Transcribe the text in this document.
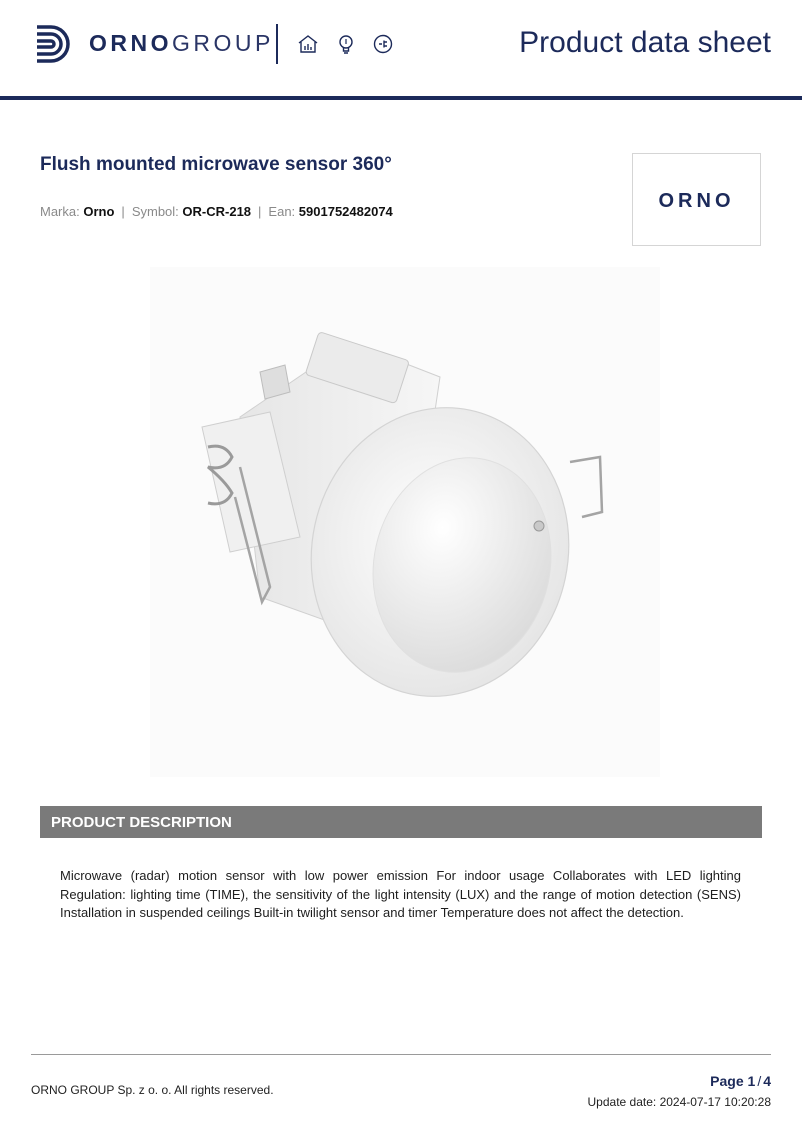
ORNOGROUP	Product data sheet
Flush mounted microwave sensor 360°
Marka: Orno | Symbol: OR-CR-218 | Ean: 5901752482074	ORNO
PRODUCT DESCRIPTION
Microwave (radar) motion sensor with low power emission For indoor usage Collaborates with LED lighting Regulation: lighting time (TIME), the sensitivity of the light intensity (LUX) and the range of motion detection (SENS) Installation in suspended ceilings Built-in twilight sensor and timer Temperature does not affect the detection.
ORNO GROUP Sp. z o. o. All rights reserved.
Page 1 / 4
Update date: 2024-07-17 10:20:28
